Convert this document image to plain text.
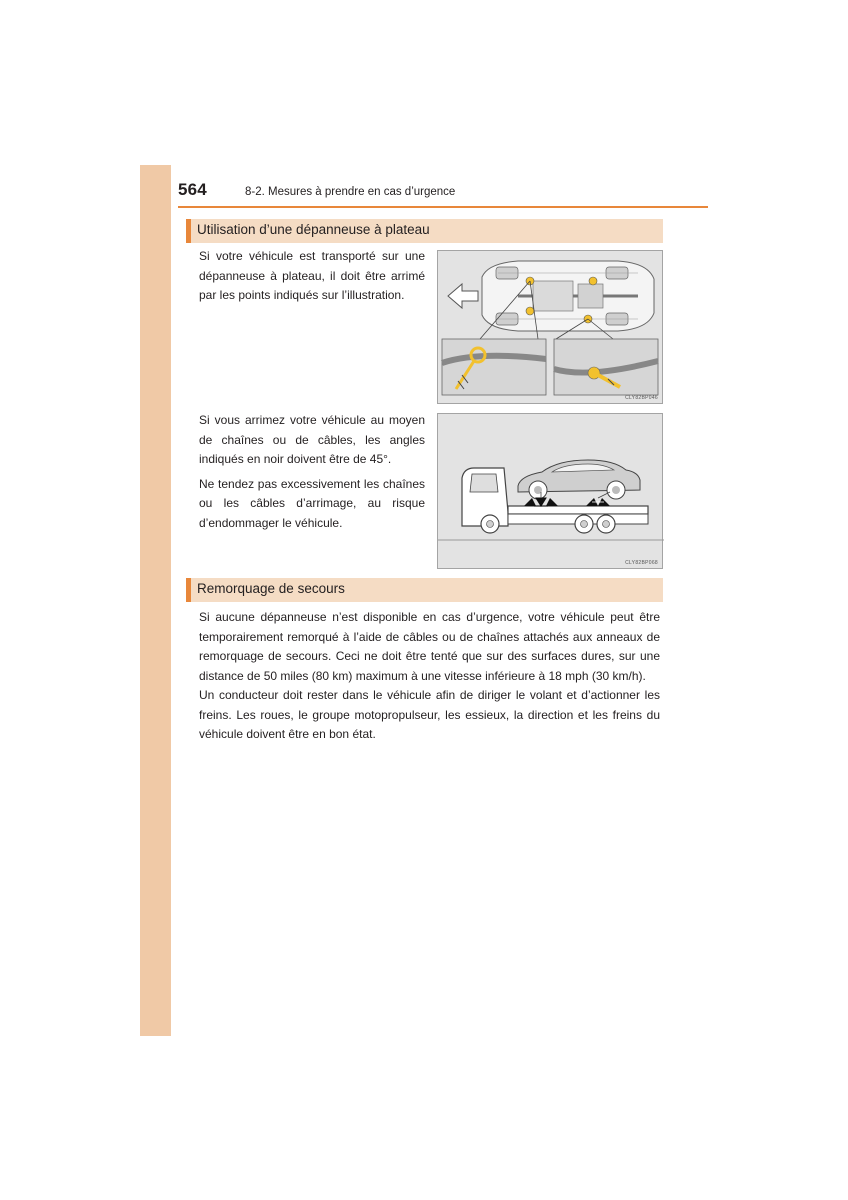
564	8-2. Mesures à prendre en cas d’urgence
Utilisation d’une dépanneuse à plateau

Si votre véhicule est transporté sur une dépanneuse à plateau, il doit être arrimé par les points indiqués sur l’illustration.

CLY82BP046

Si vous arrimez votre véhicule au moyen de chaînes ou de câbles, les angles indiqués en noir doivent être de 45°.

Ne tendez pas excessivement les chaînes ou les câbles d’arrimage, au risque d’endommager le véhicule.

CLY82BP068
Remorquage de secours

Si aucune dépanneuse n’est disponible en cas d’urgence, votre véhicule peut être temporairement remorqué à l’aide de câbles ou de chaînes attachés aux anneaux de remorquage de secours. Ceci ne doit être tenté que sur des surfaces dures, sur une distance de 50 miles (80 km) maximum à une vitesse inférieure à 18 mph (30 km/h).

Un conducteur doit rester dans le véhicule afin de diriger le volant et d’actionner les freins. Les roues, le groupe motopropulseur, les essieux, la direction et les freins du véhicule doivent être en bon état.
